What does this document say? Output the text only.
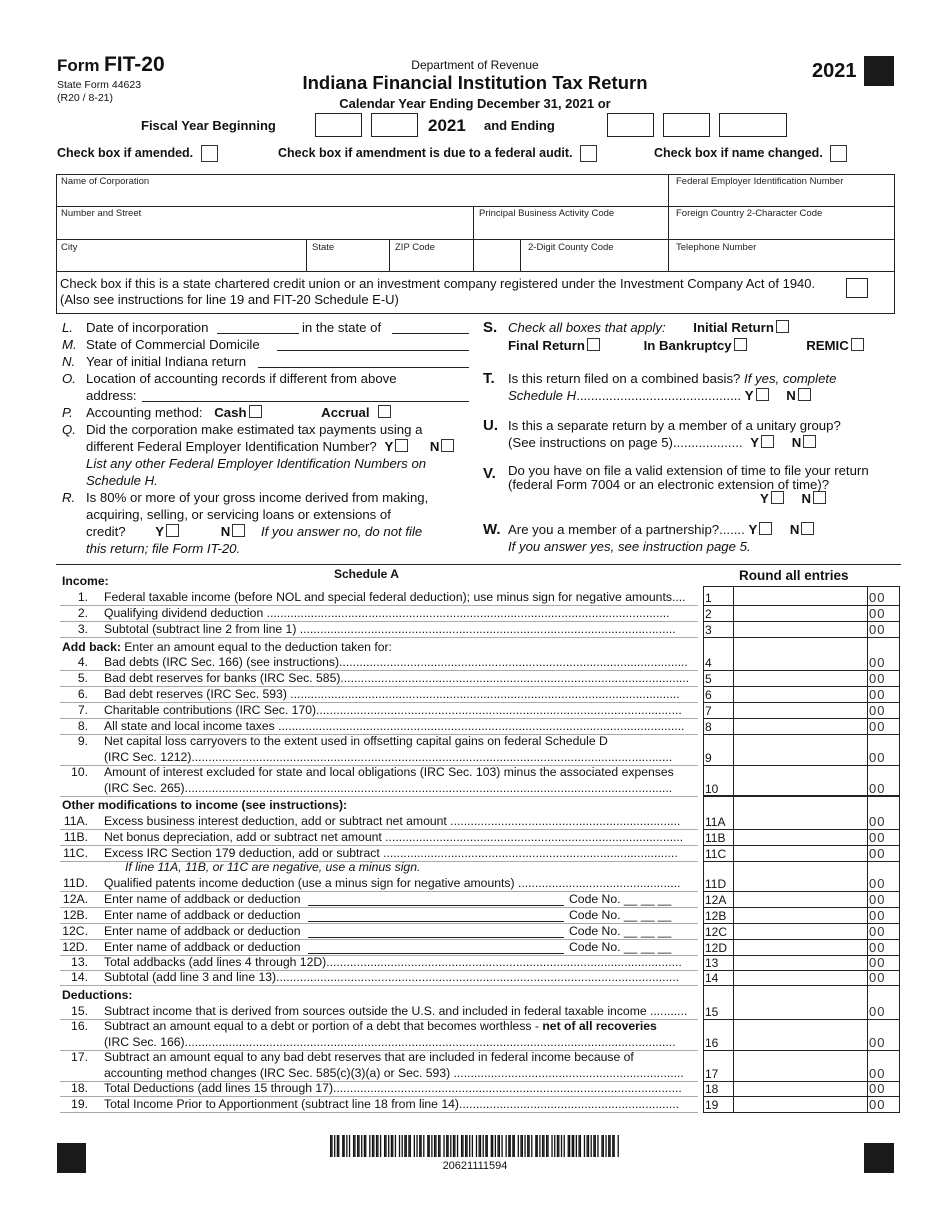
Form FIT-20
State Form 44623
(R20 / 8-21)
Department of Revenue
Indiana Financial Institution Tax Return
Calendar Year Ending December 31, 2021 or
2021
Fiscal Year Beginning	2021 and Ending
Check box if amended.	Check box if amendment is due to a federal audit.	Check box if name changed.
Name of Corporation	Federal Employer Identification Number
Number and Street	Principal Business Activity Code	Foreign Country 2-Character Code
City	State	ZIP Code	2-Digit County Code	Telephone Number
Check box if this is a state chartered credit union or an investment company registered under the Investment Company Act of 1940. (Also see instructions for line 19 and FIT-20 Schedule E-U)
L. Date of incorporation	in the state of
M. State of Commercial Domicile
N. Year of initial Indiana return
O. Location of accounting records if different from above
address:
P. Accounting method: Cash	Accrual
Q. Did the corporation make estimated tax payments using a
different Federal Employer Identification Number? Y	N
List any other Federal Employer Identification Numbers on
Schedule H.
R. Is 80% or more of your gross income derived from making,
acquiring, selling, or servicing loans or extensions of
credit? Y	N If you answer no, do not file
this return; file Form IT-20.
S. Check all boxes that apply: Initial Return
Final Return	In Bankruptcy	REMIC
T. Is this return filed on a combined basis? If yes, complete
Schedule H............................................. Y N
U. Is this a separate return by a member of a unitary group?
(See instructions on page 5)................... Y N
V. Do you have on file a valid extension of time to file your return
(federal Form 7004 or an electronic extension of time)?
Y N
W. Are you a member of a partnership?....... Y N
If you answer yes, see instruction page 5.
Schedule A	Round all entries
Income:
Add back: Enter an amount equal to the deduction taken for:
Other modifications to income (see instructions):
Deductions:
If line 11A, 11B, or 11C are negative, use a minus sign.
1. Federal taxable income (before NOL and special federal deduction); use minus sign for negative amounts....	1	00
2. Qualifying dividend deduction .......................................................................................................................	2	00
3. Subtotal (subtract line 2 from line 1) ...............................................................................................................	3	00
4. Bad debts (IRC Sec. 166) (see instructions).......................................................................................................	4	00
5. Bad debt reserves for banks (IRC Sec. 585).......................................................................................................	5	00
6. Bad debt reserves (IRC Sec. 593) ...................................................................................................................	6	00
7. Charitable contributions (IRC Sec. 170)............................................................................................................	7	00
8. All state and local income taxes ........................................................................................................................	8	00
9. Net capital loss carryovers to the extent used in offsetting capital gains on federal Schedule D
(IRC Sec. 1212)..............................................................................................................................................	9	00
10. Amount of interest excluded for state and local obligations (IRC Sec. 103) minus the associated expenses
(IRC Sec. 265)................................................................................................................................................	10	00
11A. Excess business interest deduction, add or subtract net amount ....................................................................	11A	00
11B. Net bonus depreciation, add or subtract net amount ........................................................................................	11B	00
11C. Excess IRC Section 179 deduction, add or subtract .......................................................................................	11C	00
11D. Qualified patents income deduction (use a minus sign for negative amounts) ................................................	11D	00
12A. Enter name of addback or deduction	Code No. __ __ __	12A	00
12B. Enter name of addback or deduction	Code No. __ __ __	12B	00
12C. Enter name of addback or deduction	Code No. __ __ __	12C	00
12D. Enter name of addback or deduction	Code No. __ __ __	12D	00
13. Total addbacks (add lines 4 through 12D).........................................................................................................	13	00
14. Subtotal (add line 3 and line 13).......................................................................................................................	14	00
15. Subtract income that is derived from sources outside the U.S. and included in federal taxable income ...........	15	00
16. Subtract an amount equal to a debt or portion of a debt that becomes worthless - net of all recoveries
(IRC Sec. 166).................................................................................................................................................	16	00
17. Subtract an amount equal to any bad debt reserves that are included in federal income because of
accounting method changes (IRC Sec. 585(c)(3)(a) or Sec. 593) ....................................................................	17	00
18. Total Deductions (add lines 15 through 17).......................................................................................................	18	00
19. Total Income Prior to Apportionment (subtract line 18 from line 14).................................................................	19	00
20621111594
